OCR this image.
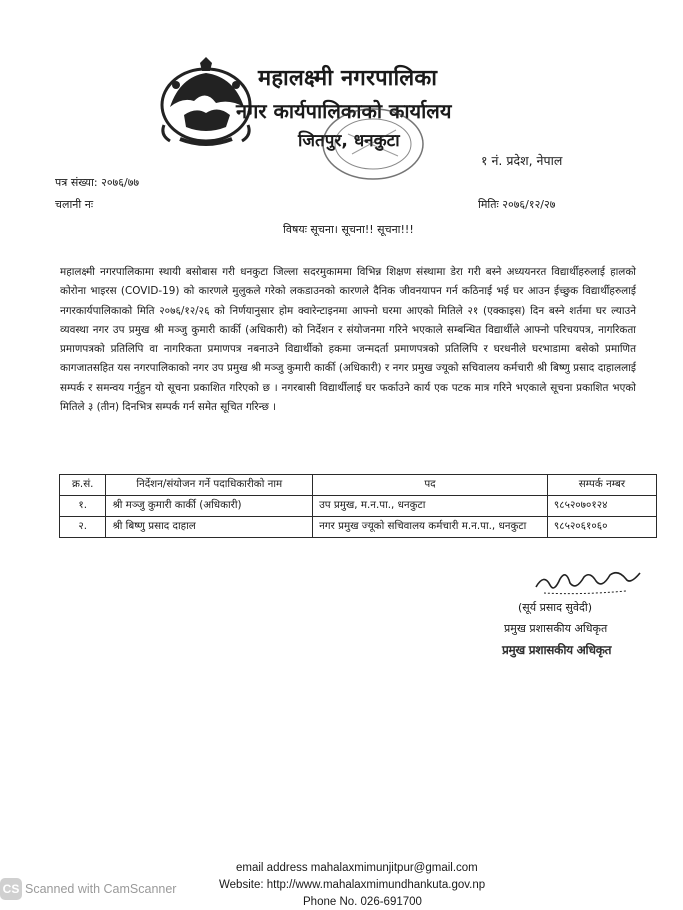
महालक्ष्मी नगरपालिका
नगर कार्यपालिकाको कार्यालय
जितपुर, धनकुटा
१ नं. प्रदेश, नेपाल
पत्र संख्या: २०७६/७७
चलानी नः	मितिः २०७६/१२/२७
विषयः सूचना। सूचना!! सूचना!!!

महालक्ष्मी नगरपालिकामा स्थायी बसोबास गरी धनकुटा जिल्ला सदरमुकाममा विभिन्न शिक्षण संस्थामा डेरा गरी बस्ने अध्ययनरत विद्यार्थीहरुलाई हालको कोरोना भाइरस (COVID-19) को कारणले मुलुकले गरेको लकडाउनको कारणले दैनिक जीवनयापन गर्न कठिनाई भई घर आउन ईच्छुक विद्यार्थीहरुलाई नगरकार्यपालिकाको मिति २०७६/१२/२६ को निर्णयानुसार होम क्वारेन्टाइनमा आफ्नो घरमा आएको मितिले २१ (एक्काइस) दिन बस्ने शर्तमा घर ल्याउने व्यवस्था नगर उप प्रमुख श्री मञ्जु कुमारी कार्की (अधिकारी) को निर्देशन र संयोजनमा गरिने भएकाले सम्बन्धित विद्यार्थीले आफ्नो परिचयपत्र, नागरिकता प्रमाणपत्रको प्रतिलिपि वा नागरिकता प्रमाणपत्र नबनाउने विद्यार्थीको हकमा जन्मदर्ता प्रमाणपत्रको प्रतिलिपि र घरधनीले घरभाडामा बसेको प्रमाणित कागजातसहित यस नगरपालिकाको नगर उप प्रमुख श्री मञ्जु कुमारी कार्की (अधिकारी) र नगर प्रमुख ज्यूको सचिवालय कर्मचारी श्री बिष्णु प्रसाद दाहाललाई सम्पर्क र समन्वय गर्नुहुन यो सूचना प्रकाशित गरिएको छ । नगरबासी विद्यार्थीलाई घर फर्काउने कार्य एक पटक मात्र गरिने भएकाले सूचना प्रकाशित भएको मितिले ३ (तीन) दिनभित्र सम्पर्क गर्न समेत सूचित गरिन्छ ।

क्र.सं.	निर्देशन/संयोजन गर्ने पदाधिकारीको नाम	पद	सम्पर्क नम्बर
१.	श्री मञ्जु कुमारी कार्की (अधिकारी)	उप प्रमुख, म.न.पा., धनकुटा	९८५२०७०१२४
२.	श्री बिष्णु प्रसाद दाहाल	नगर प्रमुख ज्यूको सचिवालय कर्मचारी म.न.पा., धनकुटा	९८५२०६१०६०
(सूर्य प्रसाद सुवेदी)
प्रमुख प्रशासकीय अधिकृत
प्रमुख प्रशासकीय अधिकृत
email address mahalaxmimunjitpur@gmail.com
Website: http://www.mahalaxmimundhankuta.gov.np
Phone No. 026-691700
CS Scanned with CamScanner
